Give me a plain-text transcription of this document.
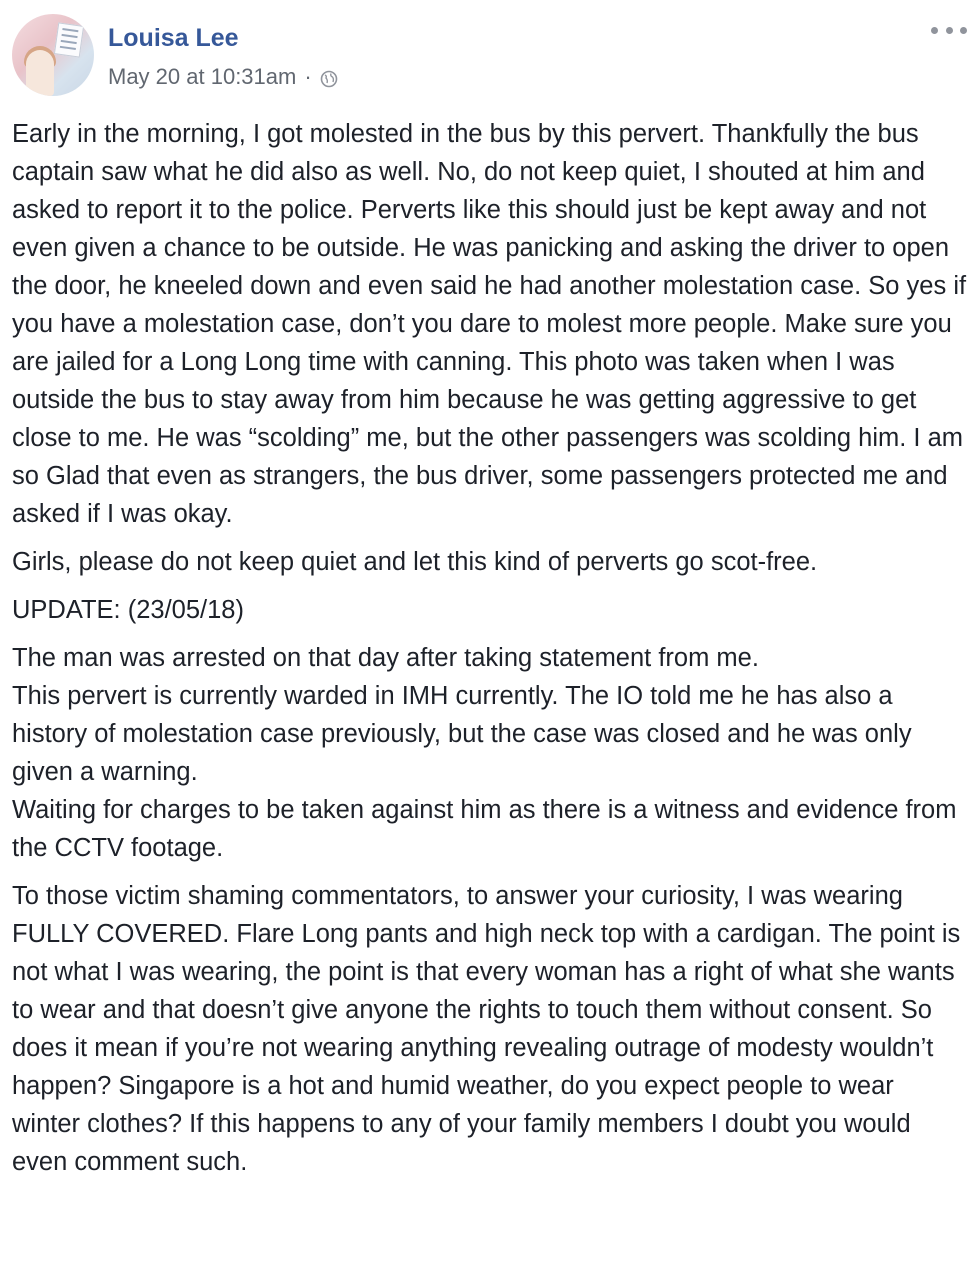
Louisa Lee
May 20 at 10:31am ·

Early in the morning, I got molested in the bus by this pervert. Thankfully the bus captain saw what he did also as well. No, do not keep quiet, I shouted at him and asked to report it to the police. Perverts like this should just be kept away and not even given a chance to be outside. He was panicking and asking the driver to open the door, he kneeled down and even said he had another molestation case. So yes if you have a molestation case, don’t you dare to molest more people. Make sure you are jailed for a Long Long time with canning. This photo was taken when I was outside the bus to stay away from him because he was getting aggressive to get close to me. He was “scolding” me, but the other passengers was scolding him. I am so Glad that even as strangers, the bus driver, some passengers protected me and asked if I was okay.

Girls, please do not keep quiet and let this kind of perverts go scot-free.

UPDATE: (23/05/18)

The man was arrested on that day after taking statement from me.
This pervert is currently warded in IMH currently. The IO told me he has also a history of molestation case previously, but the case was closed and he was only given a warning.
Waiting for charges to be taken against him as there is a witness and evidence from the CCTV footage.

To those victim shaming commentators, to answer your curiosity, I was wearing FULLY COVERED. Flare Long pants and high neck top with a cardigan. The point is not what I was wearing, the point is that every woman has a right of what she wants to wear and that doesn’t give anyone the rights to touch them without consent. So does it mean if you’re not wearing anything revealing outrage of modesty wouldn’t happen? Singapore is a hot and humid weather, do you expect people to wear winter clothes? If this happens to any of your family members I doubt you would even comment such.
